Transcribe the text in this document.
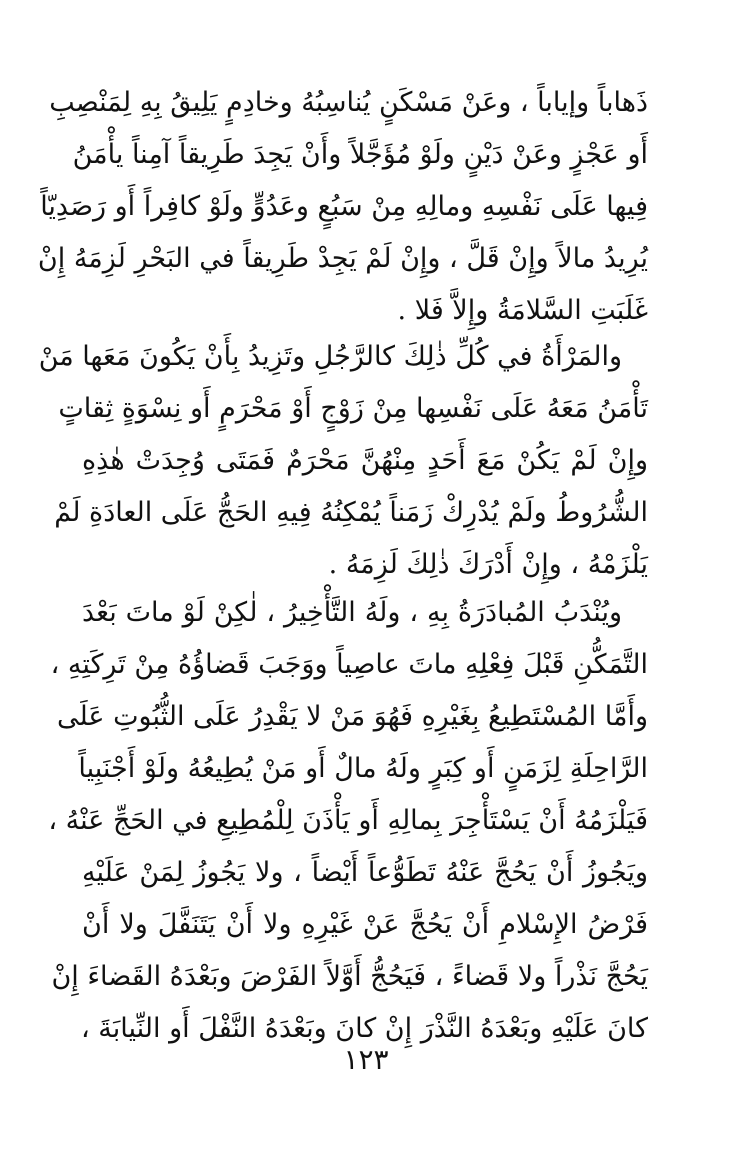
ذَهاباً وإياباً ، وعَنْ مَسْكَنٍ يُناسِبُهُ وخادِمٍ يَلِيقُ بِهِ لِمَنْصِبِ
أَو عَجْزٍ وعَنْ دَيْنٍ ولَوْ مُؤَجَّلاً وأَنْ يَجِدَ طَرِيقاً آمِناً يأْمَنُ
فِيها عَلَى نَفْسِهِ ومالِهِ مِنْ سَبُعٍ وعَدُوٍّ ولَوْ كافِراً أَو رَصَدِيّاً
يُرِيدُ مالاً وإِنْ قَلَّ ، وإِنْ لَمْ يَجِدْ طَرِيقاً في البَحْرِ لَزِمَهُ إِنْ
غَلَبَتِ السَّلامَةُ وإِلاَّ فَلا .
والمَرْأَةُ في كُلِّ ذٰلِكَ كالرَّجُلِ وتَزِيدُ بِأَنْ يَكُونَ مَعَها مَنْ
تَأْمَنُ مَعَهُ عَلَى نَفْسِها مِنْ زَوْجٍ أَوْ مَحْرَمٍ أَو نِسْوَةٍ ثِقاتٍ
وإِنْ لَمْ يَكُنْ مَعَ أَحَدٍ مِنْهُنَّ مَحْرَمٌ فَمَتَى وُجِدَتْ هٰذِهِ
الشُّرُوطُ ولَمْ يُدْرِكْ زَمَناً يُمْكِنُهُ فِيهِ الحَجُّ عَلَى العادَةِ لَمْ
يَلْزَمْهُ ، وإِنْ أَدْرَكَ ذٰلِكَ لَزِمَهُ .
ويُنْدَبُ المُبادَرَةُ بِهِ ، ولَهُ التَّأْخِيرُ ، لٰكِنْ لَوْ ماتَ بَعْدَ
التَّمَكُّنِ قَبْلَ فِعْلِهِ ماتَ عاصِياً ووَجَبَ قَضاؤُهُ مِنْ تَرِكَتِهِ ،
وأَمَّا المُسْتَطِيعُ بِغَيْرِهِ فَهُوَ مَنْ لا يَقْدِرُ عَلَى الثُّبُوتِ عَلَى
الرَّاحِلَةِ لِزَمَنٍ أَو كِبَرٍ ولَهُ مالٌ أَو مَنْ يُطِيعُهُ ولَوْ أَجْنَبِياً
فَيَلْزَمُهُ أَنْ يَسْتَأْجِرَ بِمالِهِ أَو يَأْذَنَ لِلْمُطِيعِ في الحَجِّ عَنْهُ ،
ويَجُوزُ أَنْ يَحُجَّ عَنْهُ تَطَوُّعاً أَيْضاً ، ولا يَجُوزُ لِمَنْ عَلَيْهِ
فَرْضُ الإِسْلامِ أَنْ يَحُجَّ عَنْ غَيْرِهِ ولا أَنْ يَتَنَفَّلَ ولا أَنْ
يَحُجَّ نَذْراً ولا قَضاءً ، فَيَحُجُّ أَوَّلاً الفَرْضَ وبَعْدَهُ القَضاءَ إِنْ
كانَ عَلَيْهِ وبَعْدَهُ النَّذْرَ إِنْ كانَ وبَعْدَهُ النَّفْلَ أَو النِّيابَةَ ،
١٢٣
